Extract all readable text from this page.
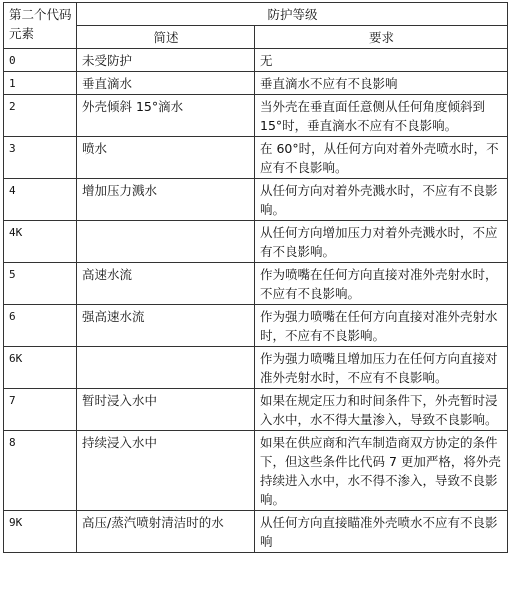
第二个代码元素	防护等级	
	简述	要求
0	未受防护	无
1	垂直滴水	垂直滴水不应有不良影响
2	外壳倾斜 15°滴水	当外壳在垂直面任意侧从任何角度倾斜到 15°时，垂直滴水不应有不良影响。
3	喷水	在 60°时，从任何方向对着外壳喷水时，不应有不良影响。
4	增加压力溅水	从任何方向对着外壳溅水时，不应有不良影响。
4K		从任何方向增加压力对着外壳溅水时，不应有不良影响。
5	高速水流	作为喷嘴在任何方向直接对准外壳射水时，不应有不良影响。
6	强高速水流	作为强力喷嘴在任何方向直接对准外壳射水时，不应有不良影响。
6K		作为强力喷嘴且增加压力在任何方向直接对准外壳射水时，不应有不良影响。
7	暂时浸入水中	如果在规定压力和时间条件下，外壳暂时浸入水中，水不得大量渗入，导致不良影响。
8	持续浸入水中	如果在供应商和汽车制造商双方协定的条件下，但这些条件比代码 7 更加严格，将外壳持续进入水中，水不得不渗入，导致不良影响。
9K	高压/蒸汽喷射清洁时的水	从任何方向直接瞄准外壳喷水不应有不良影响
